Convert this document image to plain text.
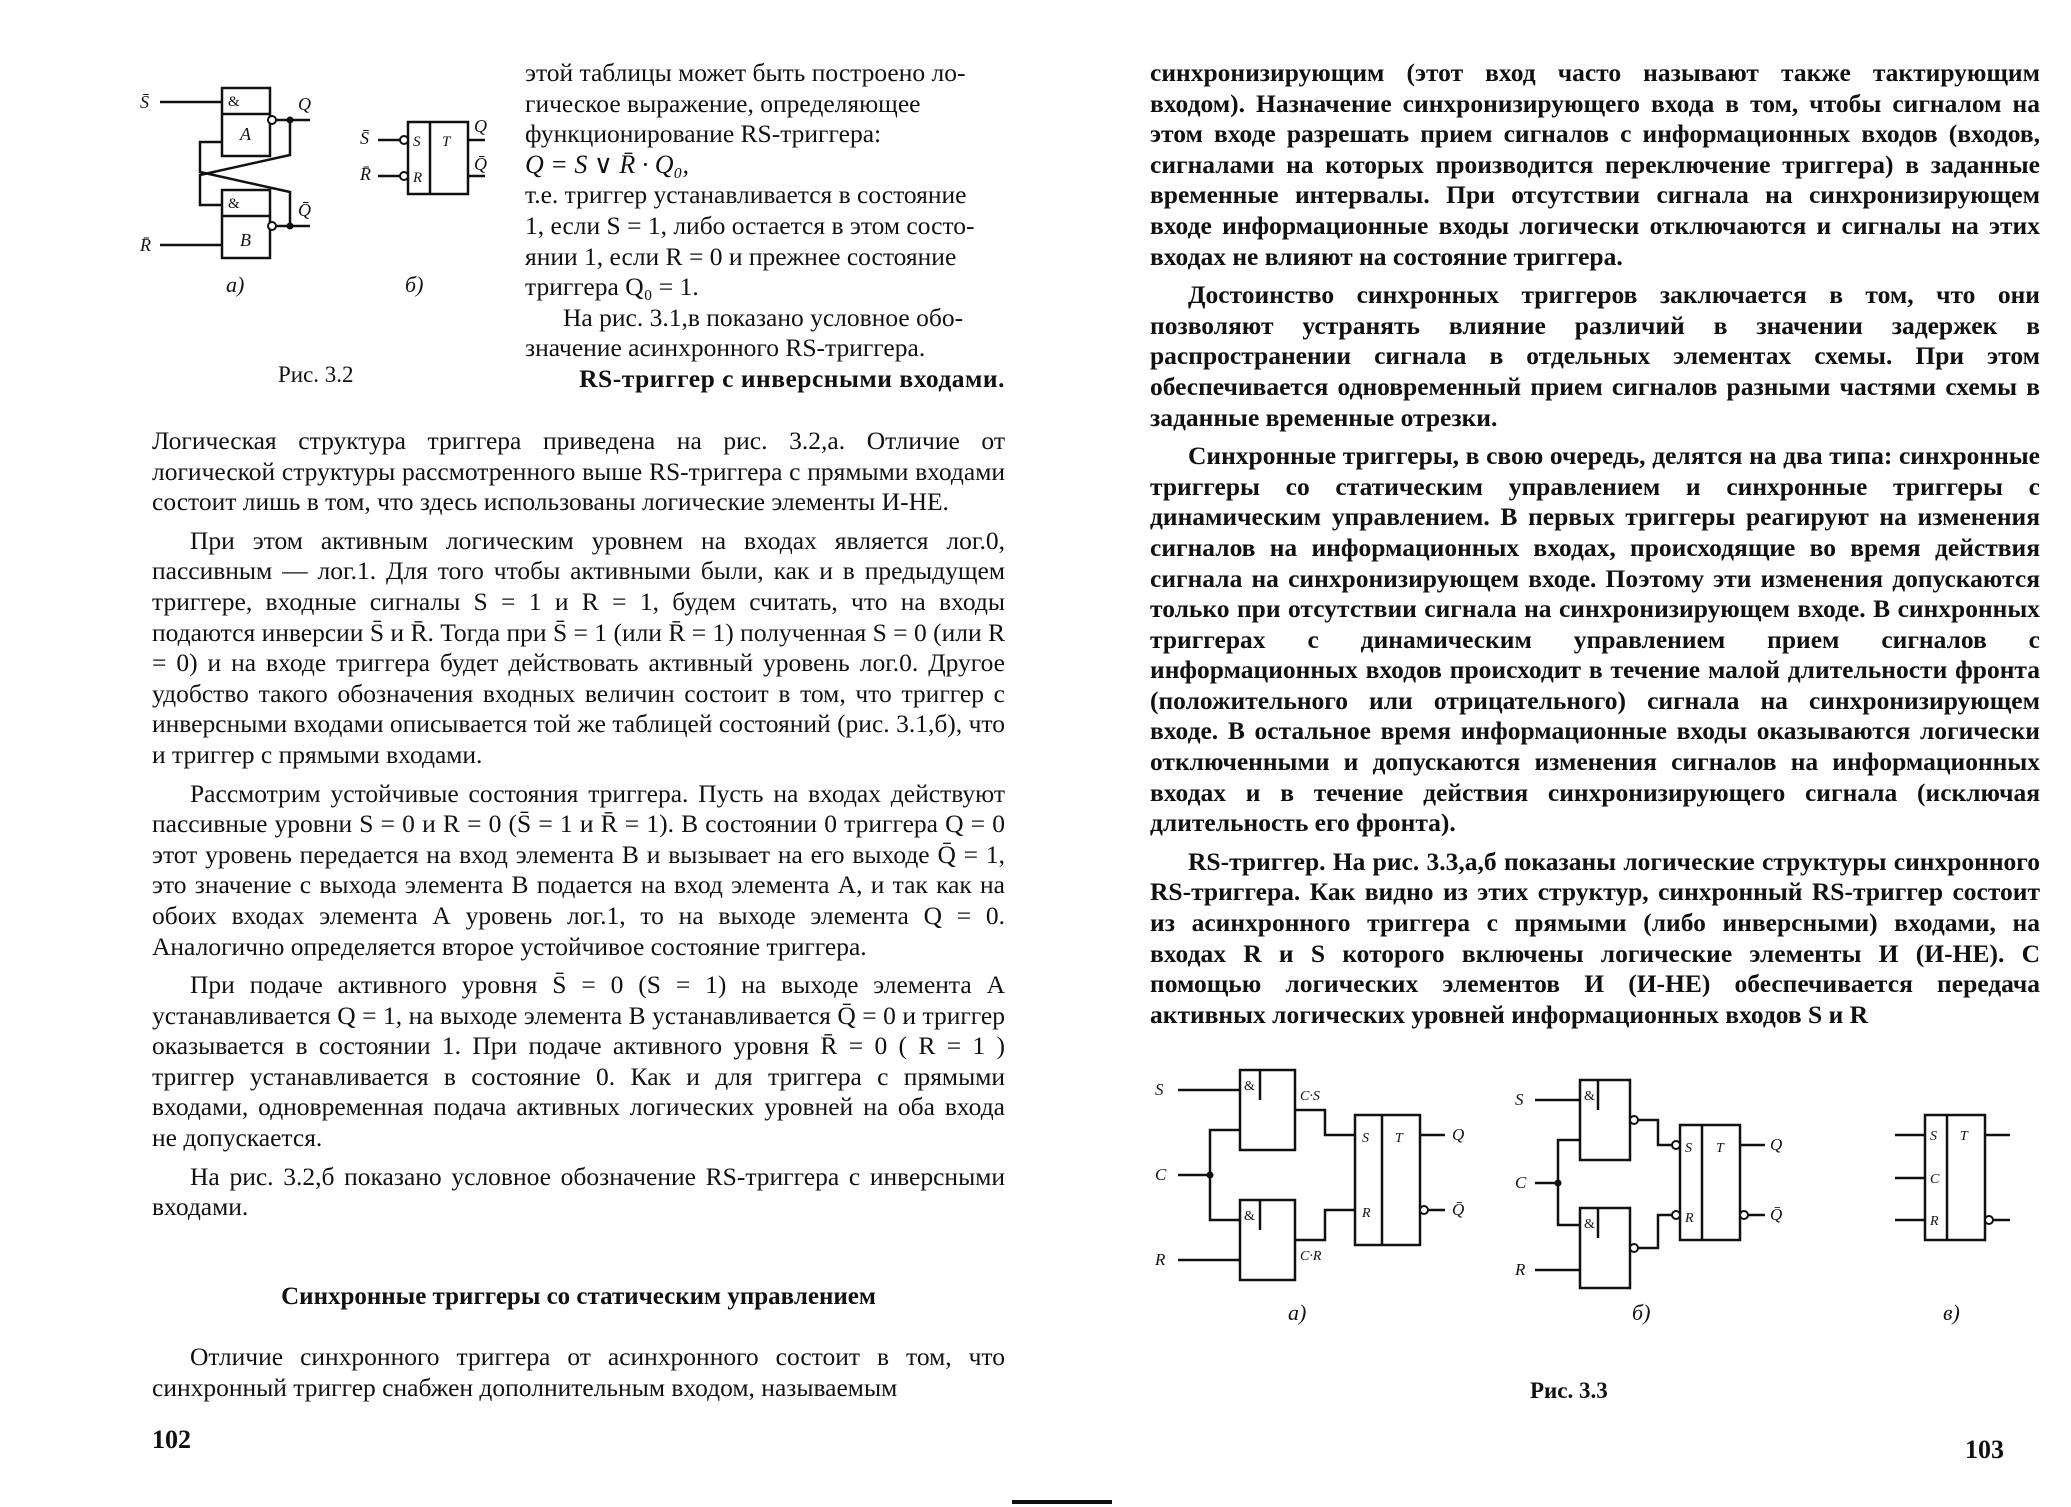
S̄
R̄
&
A
&
B
Q
Q̄
S̄
R̄
S
R
T
Q
Q̄
а)	б)
Рис. 3.2

этой таблицы может быть построено ло-

гическое выражение, определяющее

функционирование RS-триггера:

Q = S ∨ R̄ · Q₀,

т.е. триггер устанавливается в состояние

1, если S = 1, либо остается в этом состо-

янии 1, если R = 0 и прежнее состояние

триггера Q₀ = 1.

На рис. 3.1,в показано условное обо-

значение асинхронного RS-триггера.

RS-триггер с инверсными входами.

Логическая структура триггера приведена на рис. 3.2,а. Отличие от логической структуры рассмотренного выше RS-триггера с прямыми входами состоит лишь в том, что здесь использованы логические элементы И-НЕ.

При этом активным логическим уровнем на входах является лог.0, пассивным — лог.1. Для того чтобы активными были, как и в предыдущем триггере, входные сигналы S = 1 и R = 1, будем считать, что на входы подаются инверсии S̄ и R̄. Тогда при S̄ = 1 (или R̄ = 1) полученная S = 0 (или R = 0) и на входе триггера будет действовать активный уровень лог.0. Другое удобство такого обозначения входных величин состоит в том, что триггер с инверсными входами описывается той же таблицей состояний (рис. 3.1,б), что и триггер с прямыми входами.

Рассмотрим устойчивые состояния триггера. Пусть на входах действуют пассивные уровни S = 0 и R = 0 (S̄ = 1 и R̄ = 1). В состоянии 0 триггера Q = 0 этот уровень передается на вход элемента В и вызывает на его выходе Q̄ = 1, это значение с выхода элемента В подается на вход элемента А, и так как на обоих входах элемента А уровень лог.1, то на выходе элемента Q = 0. Аналогично определяется второе устойчивое состояние триггера.

При подаче активного уровня S̄ = 0 (S = 1) на выходе элемента А устанавливается Q = 1, на выходе элемента В устанавливается Q̄ = 0 и триггер оказывается в состоянии 1. При подаче активного уровня R̄ = 0 ( R = 1 ) триггер устанавливается в состояние 0. Как и для триггера с прямыми входами, одновременная подача активных логических уровней на оба входа не допускается.

На рис. 3.2,б показано условное обозначение RS-триггера с инверсными входами.

Синхронные триггеры со статическим управлением

Отличие синхронного триггера от асинхронного состоит в том, что синхронный триггер снабжен дополнительным входом, называемым

102

синхронизирующим (этот вход часто называют также тактирующим входом). Назначение синхронизирующего входа в том, чтобы сигналом на этом входе разрешать прием сигналов с информационных входов (входов, сигналами на которых производится переключение триггера) в заданные временные интервалы. При отсутствии сигнала на синхронизирующем входе информационные входы логически отключаются и сигналы на этих входах не влияют на состояние триггера.

Достоинство синхронных триггеров заключается в том, что они позволяют устранять влияние различий в значении задержек в распространении сигнала в отдельных элементах схемы. При этом обеспечивается одновременный прием сигналов разными частями схемы в заданные временные отрезки.

Синхронные триггеры, в свою очередь, делятся на два типа: синхронные триггеры со статическим управлением и синхронные триггеры с динамическим управлением. В первых триггеры реагируют на изменения сигналов на информационных входах, происходящие во время действия сигнала на синхронизирующем входе. Поэтому эти изменения допускаются только при отсутствии сигнала на синхронизирующем входе. В синхронных триггерах с динамическим управлением прием сигналов с информационных входов происходит в течение малой длительности фронта (положительного или отрицательного) сигнала на синхронизирующем входе. В остальное время информационные входы оказываются логически отключенными и допускаются изменения сигналов на информационных входах и в течение действия синхронизирующего сигнала (исключая длительность его фронта).

RS-триггер. На рис. 3.3,а,б показаны логические структуры синхронного RS-триггера. Как видно из этих структур, синхронный RS-триггер состоит из асинхронного триггера с прямыми (либо инверсными) входами, на входах R и S которого включены логические элементы И (И-НЕ). С помощью логических элементов И (И-НЕ) обеспечивается передача активных логических уровней информационных входов S и R

S
C
R
&
&
C·S
C·R
S
R
T	Q
Q̄
S
C
R
&
&
S
R
T	Q
Q̄
S
C
R
T
а)	б)	в)
Рис. 3.3
103
